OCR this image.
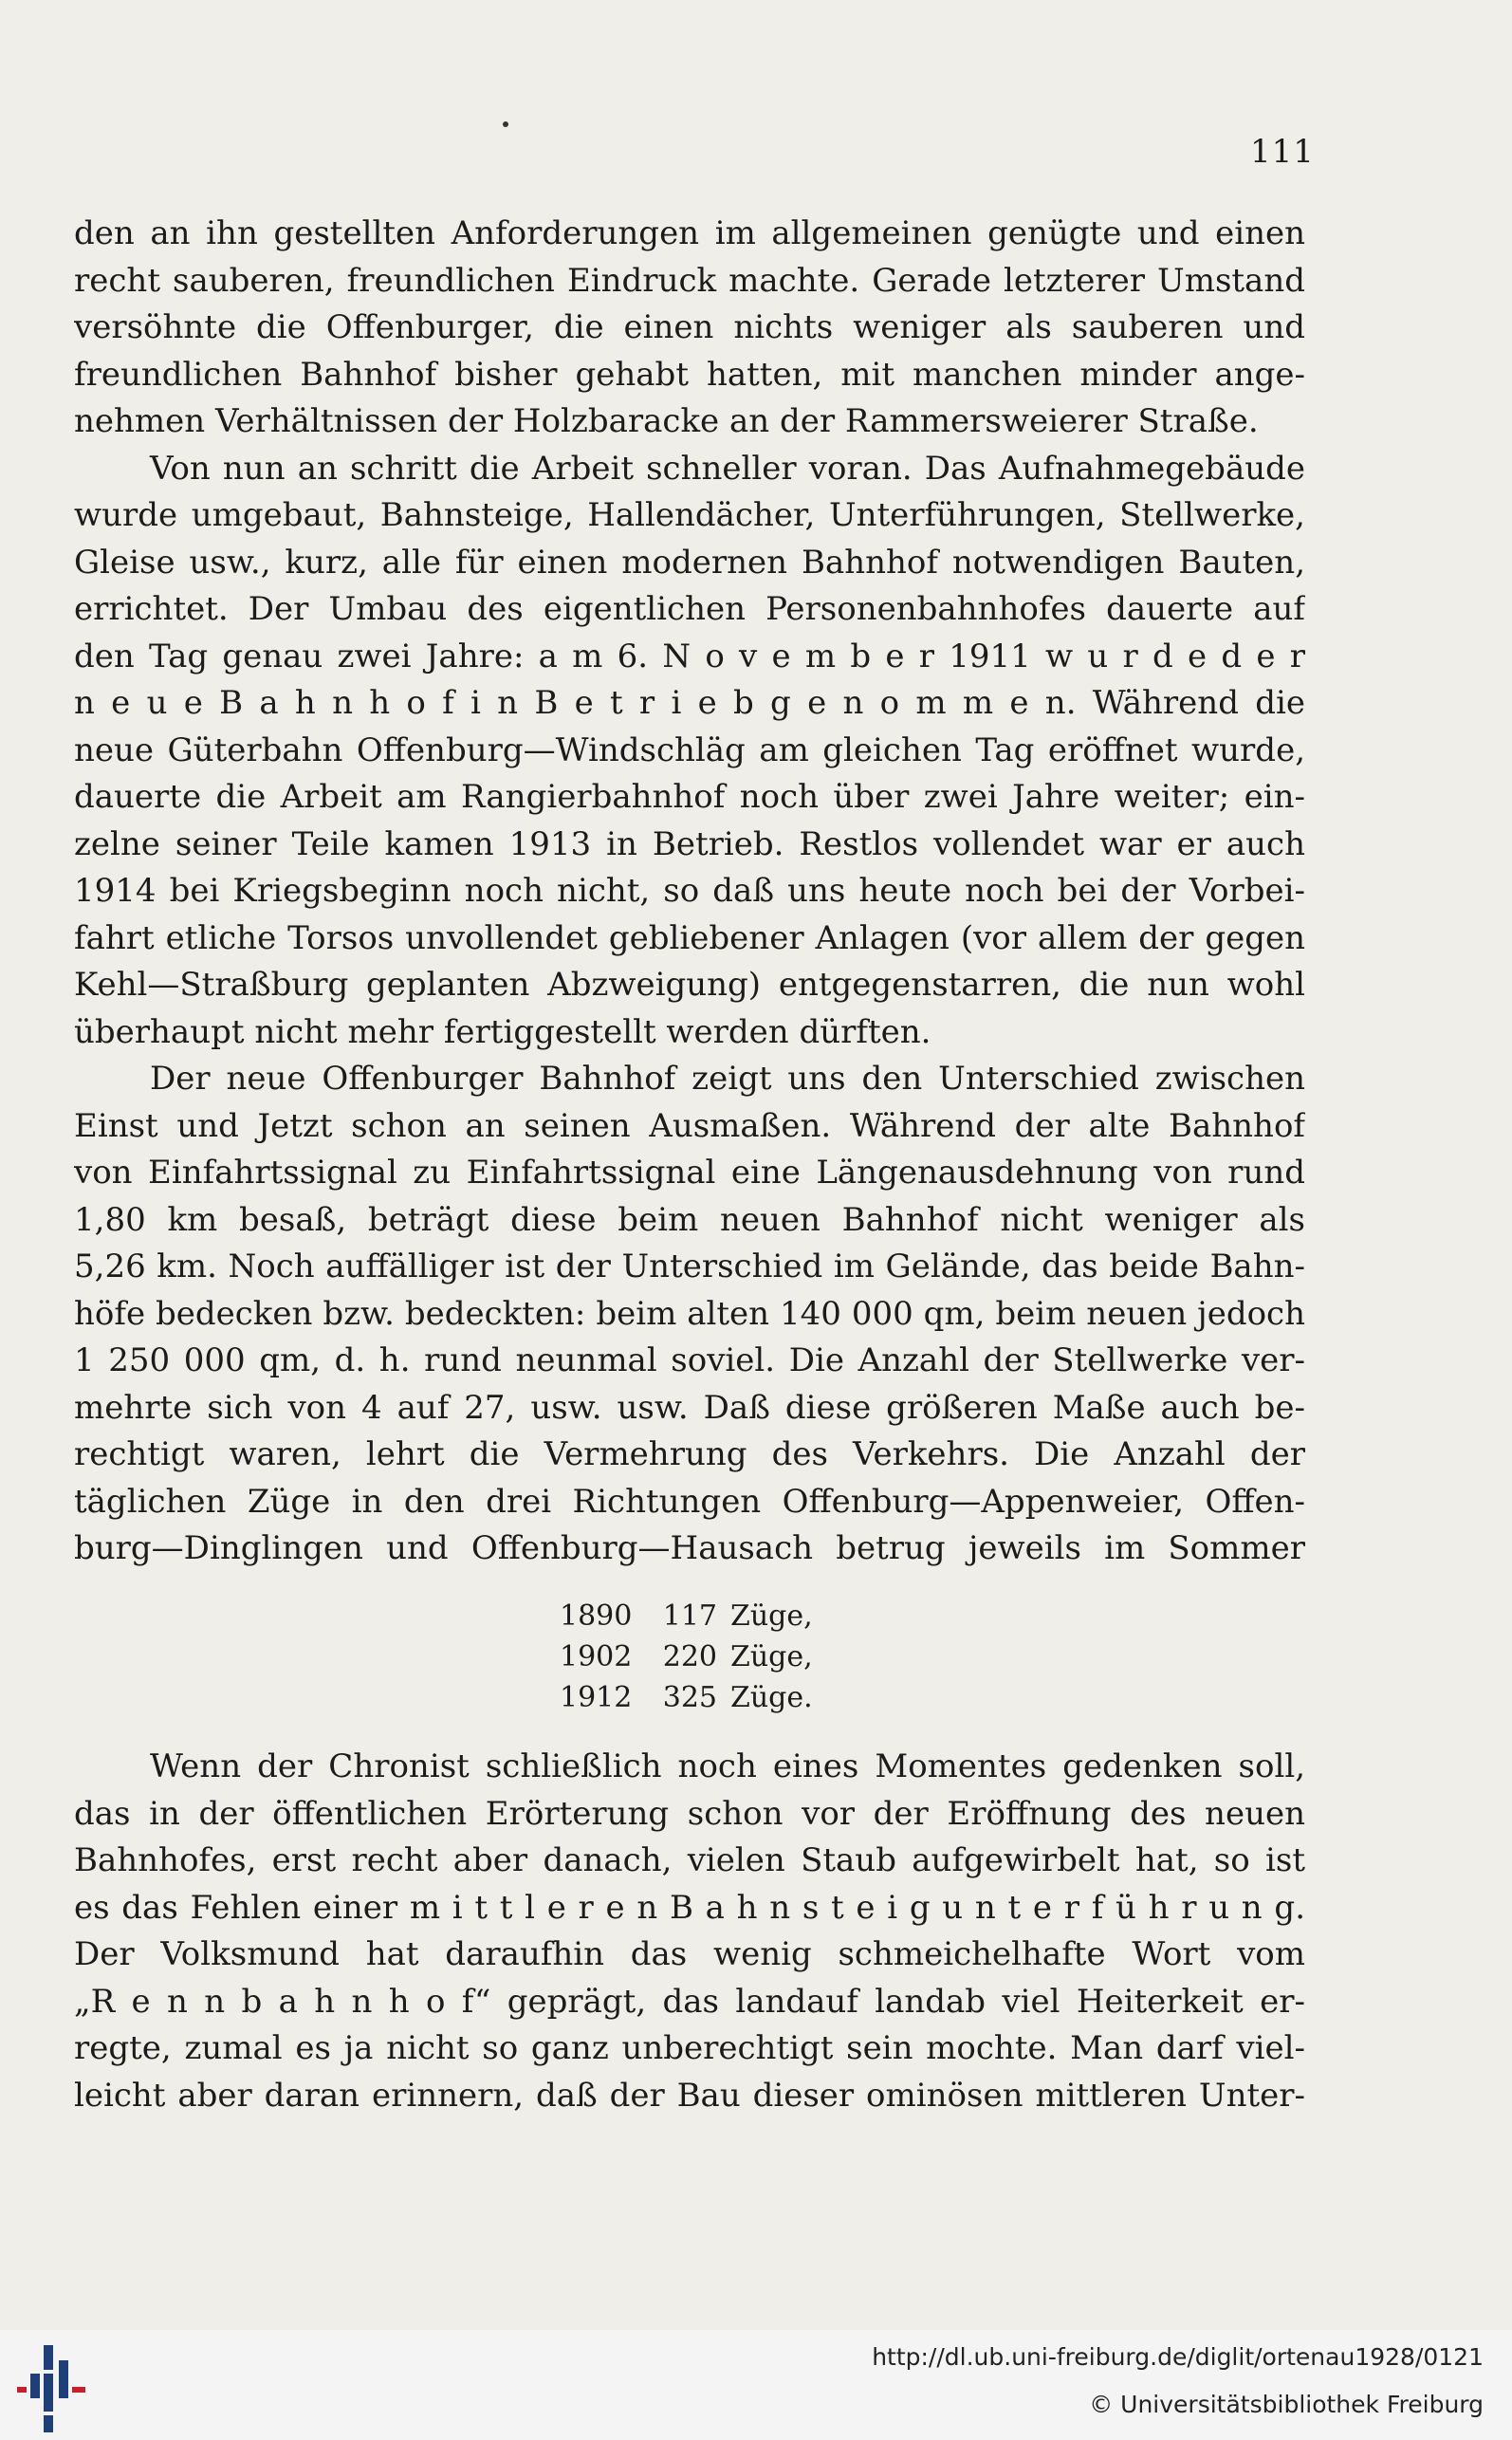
111
den an ihn gestellten Anforderungen im allgemeinen genügte und einen
recht sauberen, freundlichen Eindruck machte. Gerade letzterer Umstand
versöhnte die Offenburger, die einen nichts weniger als sauberen und
freundlichen Bahnhof bisher gehabt hatten, mit manchen minder ange-
nehmen Verhältnissen der Holzbaracke an der Rammersweierer Straße.
Von nun an schritt die Arbeit schneller voran. Das Aufnahmegebäude
wurde umgebaut, Bahnsteige, Hallendächer, Unterführungen, Stellwerke,
Gleise usw., kurz, alle für einen modernen Bahnhof notwendigen Bauten,
errichtet. Der Umbau des eigentlichen Personenbahnhofes dauerte auf
den Tag genau zwei Jahre: a m 6. N o v e m b e r 1911 w u r d e d e r
n e u e B a h n h o f i n B e t r i e b g e n o m m e n. Während die
neue Güterbahn Offenburg—Windschläg am gleichen Tag eröffnet wurde,
dauerte die Arbeit am Rangierbahnhof noch über zwei Jahre weiter; ein-
zelne seiner Teile kamen 1913 in Betrieb. Restlos vollendet war er auch
1914 bei Kriegsbeginn noch nicht, so daß uns heute noch bei der Vorbei-
fahrt etliche Torsos unvollendet gebliebener Anlagen (vor allem der gegen
Kehl—Straßburg geplanten Abzweigung) entgegenstarren, die nun wohl
überhaupt nicht mehr fertiggestellt werden dürften.
Der neue Offenburger Bahnhof zeigt uns den Unterschied zwischen
Einst und Jetzt schon an seinen Ausmaßen. Während der alte Bahnhof
von Einfahrtssignal zu Einfahrtssignal eine Längenausdehnung von rund
1,80 km besaß, beträgt diese beim neuen Bahnhof nicht weniger als
5,26 km. Noch auffälliger ist der Unterschied im Gelände, das beide Bahn-
höfe bedecken bzw. bedeckten: beim alten 140 000 qm, beim neuen jedoch
1 250 000 qm, d. h. rund neunmal soviel. Die Anzahl der Stellwerke ver-
mehrte sich von 4 auf 27, usw. usw. Daß diese größeren Maße auch be-
rechtigt waren, lehrt die Vermehrung des Verkehrs. Die Anzahl der
täglichen Züge in den drei Richtungen Offenburg—Appenweier, Offen-
burg—Dinglingen und Offenburg—Hausach betrug jeweils im Sommer
1890	117 Züge,
1902	220 Züge,
1912	325 Züge.
Wenn der Chronist schließlich noch eines Momentes gedenken soll,
das in der öffentlichen Erörterung schon vor der Eröffnung des neuen
Bahnhofes, erst recht aber danach, vielen Staub aufgewirbelt hat, so ist
es das Fehlen einer m i t t l e r e n B a h n s t e i g u n t e r f ü h r u n g.
Der Volksmund hat daraufhin das wenig schmeichelhafte Wort vom
„R e n n b a h n h o f“ geprägt, das landauf landab viel Heiterkeit er-
regte, zumal es ja nicht so ganz unberechtigt sein mochte. Man darf viel-
leicht aber daran erinnern, daß der Bau dieser ominösen mittleren Unter-
http://dl.ub.uni-freiburg.de/diglit/ortenau1928/0121
© Universitätsbibliothek Freiburg
